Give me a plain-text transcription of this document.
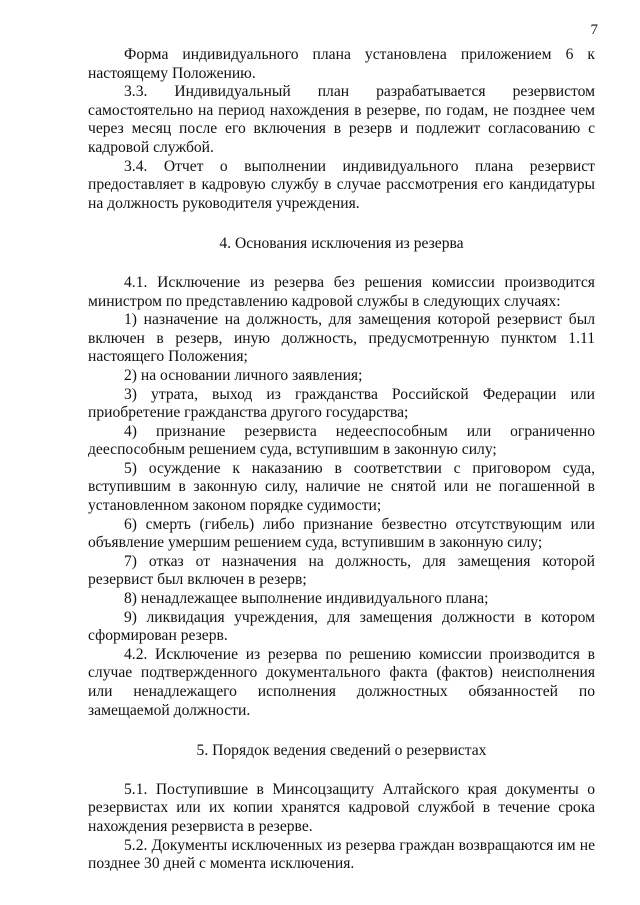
7

Форма индивидуального плана установлена приложением 6 к настоящему Положению.

3.3. Индивидуальный план разрабатывается резервистом самостоятельно на период нахождения в резерве, по годам, не позднее чем через месяц после его включения в резерв и подлежит согласованию с кадровой службой.

3.4. Отчет о выполнении индивидуального плана резервист предоставляет в кадровую службу в случае рассмотрения его кандидатуры на должность руководителя учреждения.

4. Основания исключения из резерва

4.1. Исключение из резерва без решения комиссии производится министром по представлению кадровой службы в следующих случаях:

1) назначение на должность, для замещения которой резервист был включен в резерв, иную должность, предусмотренную пунктом 1.11 настоящего Положения;

2) на основании личного заявления;

3) утрата, выход из гражданства Российской Федерации или приобретение гражданства другого государства;

4) признание резервиста недееспособным или ограниченно дееспособным решением суда, вступившим в законную силу;

5) осуждение к наказанию в соответствии с приговором суда, вступившим в законную силу, наличие не снятой или не погашенной в установленном законом порядке судимости;

6) смерть (гибель) либо признание безвестно отсутствующим или объявление умершим решением суда, вступившим в законную силу;

7) отказ от назначения на должность, для замещения которой резервист был включен в резерв;

8) ненадлежащее выполнение индивидуального плана;

9) ликвидация учреждения, для замещения должности в котором сформирован резерв.

4.2. Исключение из резерва по решению комиссии производится в случае подтвержденного документального факта (фактов) неисполнения или ненадлежащего исполнения должностных обязанностей по замещаемой должности.

5. Порядок ведения сведений о резервистах

5.1. Поступившие в Минсоцзащиту Алтайского края документы о резервистах или их копии хранятся кадровой службой в течение срока нахождения резервиста в резерве.

5.2. Документы исключенных из резерва граждан возвращаются им не позднее 30 дней с момента исключения.
